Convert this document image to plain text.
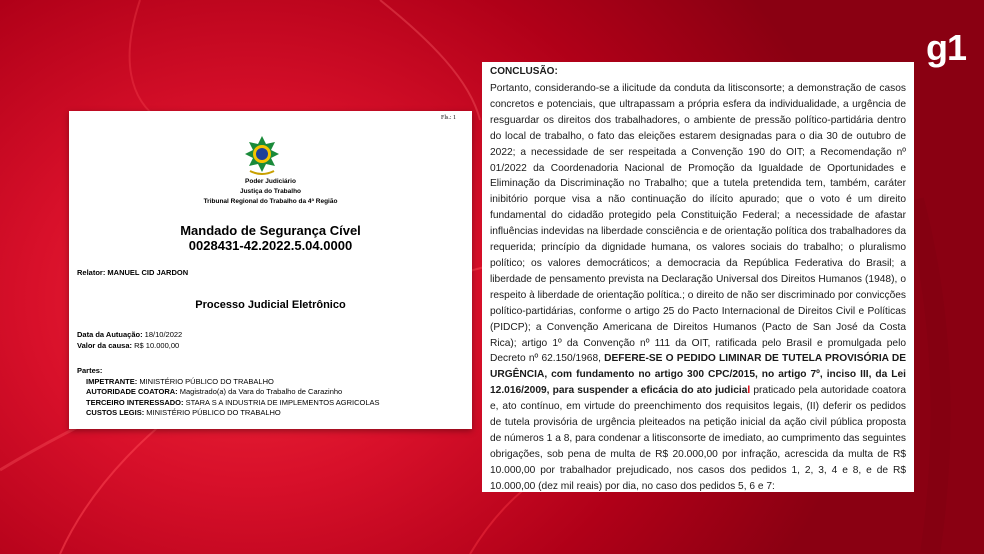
g1
Fls.: 1
Poder Judiciário
Justiça do Trabalho
Tribunal Regional do Trabalho da 4ª Região
Mandado de Segurança Cível
0028431-42.2022.5.04.0000
Relator: MANUEL CID JARDON
Processo Judicial Eletrônico
Data da Autuação: 18/10/2022
Valor da causa: R$ 10.000,00
Partes:
IMPETRANTE: MINISTÉRIO PÚBLICO DO TRABALHO
AUTORIDADE COATORA: Magistrado(a) da Vara do Trabalho de Carazinho
TERCEIRO INTERESSADO: STARA S A INDUSTRIA DE IMPLEMENTOS AGRICOLAS
CUSTOS LEGIS: MINISTÉRIO PÚBLICO DO TRABALHO
CONCLUSÃO:
Portanto, considerando-se a ilicitude da conduta da litisconsorte; a demonstração de casos concretos e potenciais, que ultrapassam a própria esfera da individualidade, a urgência de resguardar os direitos dos trabalhadores, o ambiente de pressão político-partidária dentro do local de trabalho, o fato das eleições estarem designadas para o dia 30 de outubro de 2022; a necessidade de ser respeitada a Convenção 190 do OIT; a Recomendação nº 01/2022 da Coordenadoria Nacional de Promoção da Igualdade de Oportunidades e Eliminação da Discriminação no Trabalho; que a tutela pretendida tem, também, caráter inibitório porque visa a não continuação do ilícito apurado; que o voto é um direito fundamental do cidadão protegido pela Constituição Federal; a necessidade de afastar influências indevidas na liberdade consciência e de orientação política dos trabalhadores da requerida; princípio da dignidade humana, os valores sociais do trabalho; o pluralismo político; os valores democráticos; a democracia da República Federativa do Brasil; a liberdade de pensamento prevista na Declaração Universal dos Direitos Humanos (1948), o respeito à liberdade de orientação política.; o direito de não ser discriminado por convicções político-partidárias, conforme o artigo 25 do Pacto Internacional de Direitos Civil e Políticas (PIDCP); a Convenção Americana de Direitos Humanos (Pacto de San José da Costa Rica); artigo 1º da Convenção nº 111 da OIT, ratificada pelo Brasil e promulgada pelo Decreto nº 62.150/1968, DEFERE-SE O PEDIDO LIMINAR DE TUTELA PROVISÓRIA DE URGÊNCIA, com fundamento no artigo 300 CPC/2015, no artigo 7º, inciso III, da Lei 12.016/2009, para suspender a eficácia do ato judicial praticado pela autoridade coatora e, ato contínuo, em virtude do preenchimento dos requisitos legais, (II) deferir os pedidos de tutela provisória de urgência pleiteados na petição inicial da ação civil pública proposta de números 1 a 8, para condenar a litisconsorte de imediato, ao cumprimento das seguintes obrigações, sob pena de multa de R$ 20.000,00 por infração, acrescida da multa de R$ 10.000,00 por trabalhador prejudicado, nos casos dos pedidos 1, 2, 3, 4 e 8, e de R$ 10.000,00 (dez mil reais) por dia, no caso dos pedidos 5, 6 e 7:
